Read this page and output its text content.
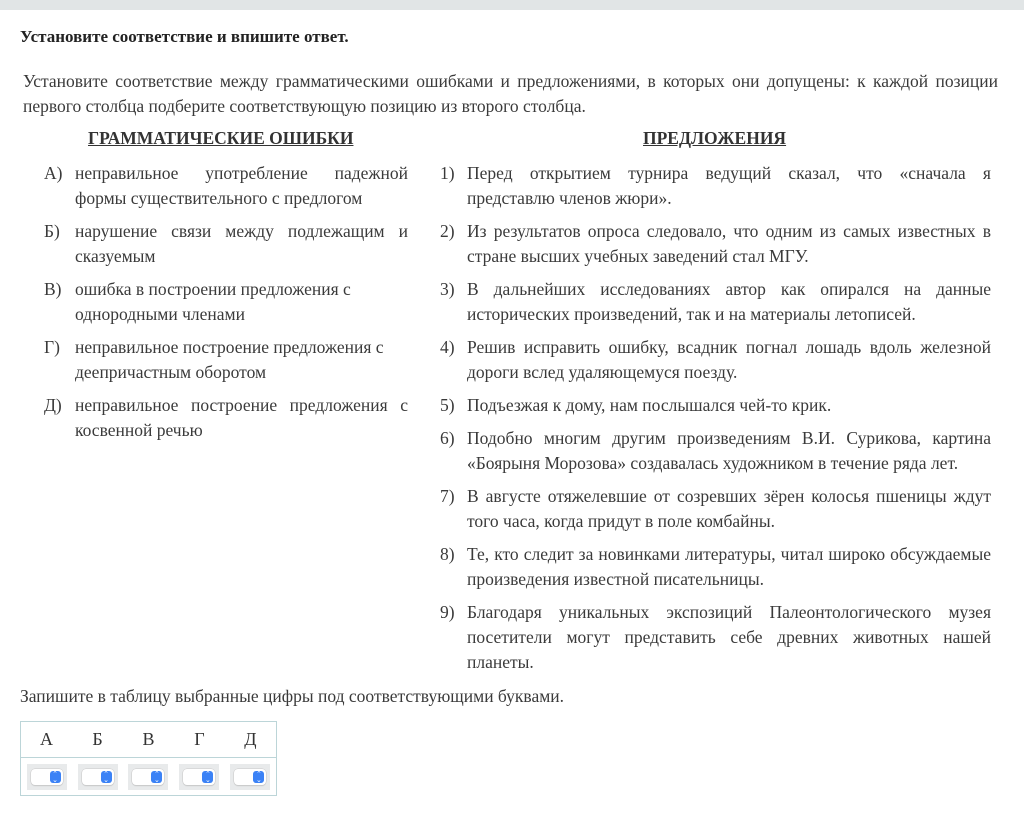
Установите соответствие и впишите ответ.
Установите соответствие между грамматическими ошибками и предложениями, в которых они допущены: к каждой позиции первого столбца подберите соответствующую позицию из второго столбца.
ГРАММАТИЧЕСКИЕ ОШИБКИ	ПРЕДЛОЖЕНИЯ
А) неправильное употребление падежной формы существительного с предлогом
Б) нарушение связи между подлежащим и сказуемым
В) ошибка в построении предложения с однородными членами
Г) неправильное построение предложения с деепричастным оборотом
Д) неправильное построение предложения с косвенной речью
1) Перед открытием турнира ведущий сказал, что «сначала я представлю членов жюри».
2) Из результатов опроса следовало, что одним из самых известных в стране высших учебных заведений стал МГУ.
3) В дальнейших исследованиях автор как опирался на данные исторических произведений, так и на материалы летописей.
4) Решив исправить ошибку, всадник погнал лошадь вдоль железной дороги вслед удаляющемуся поезду.
5) Подъезжая к дому, нам послышался чей-то крик.
6) Подобно многим другим произведениям В.И. Сурикова, картина «Боярыня Морозова» создавалась художником в течение ряда лет.
7) В августе отяжелевшие от созревших зёрен колосья пшеницы ждут того часа, когда придут в поле комбайны.
8) Те, кто следит за новинками литературы, читал широко обсуждаемые произведения известной писательницы.
9) Благодаря уникальных экспозиций Палеонтологического музея посетители могут представить себе древних животных нашей планеты.
Запишите в таблицу выбранные цифры под соответствующими буквами.
А	Б	В	Г	Д

⌃
⌄	⌃
⌄	⌃
⌄	⌃
⌄	⌃
⌄
